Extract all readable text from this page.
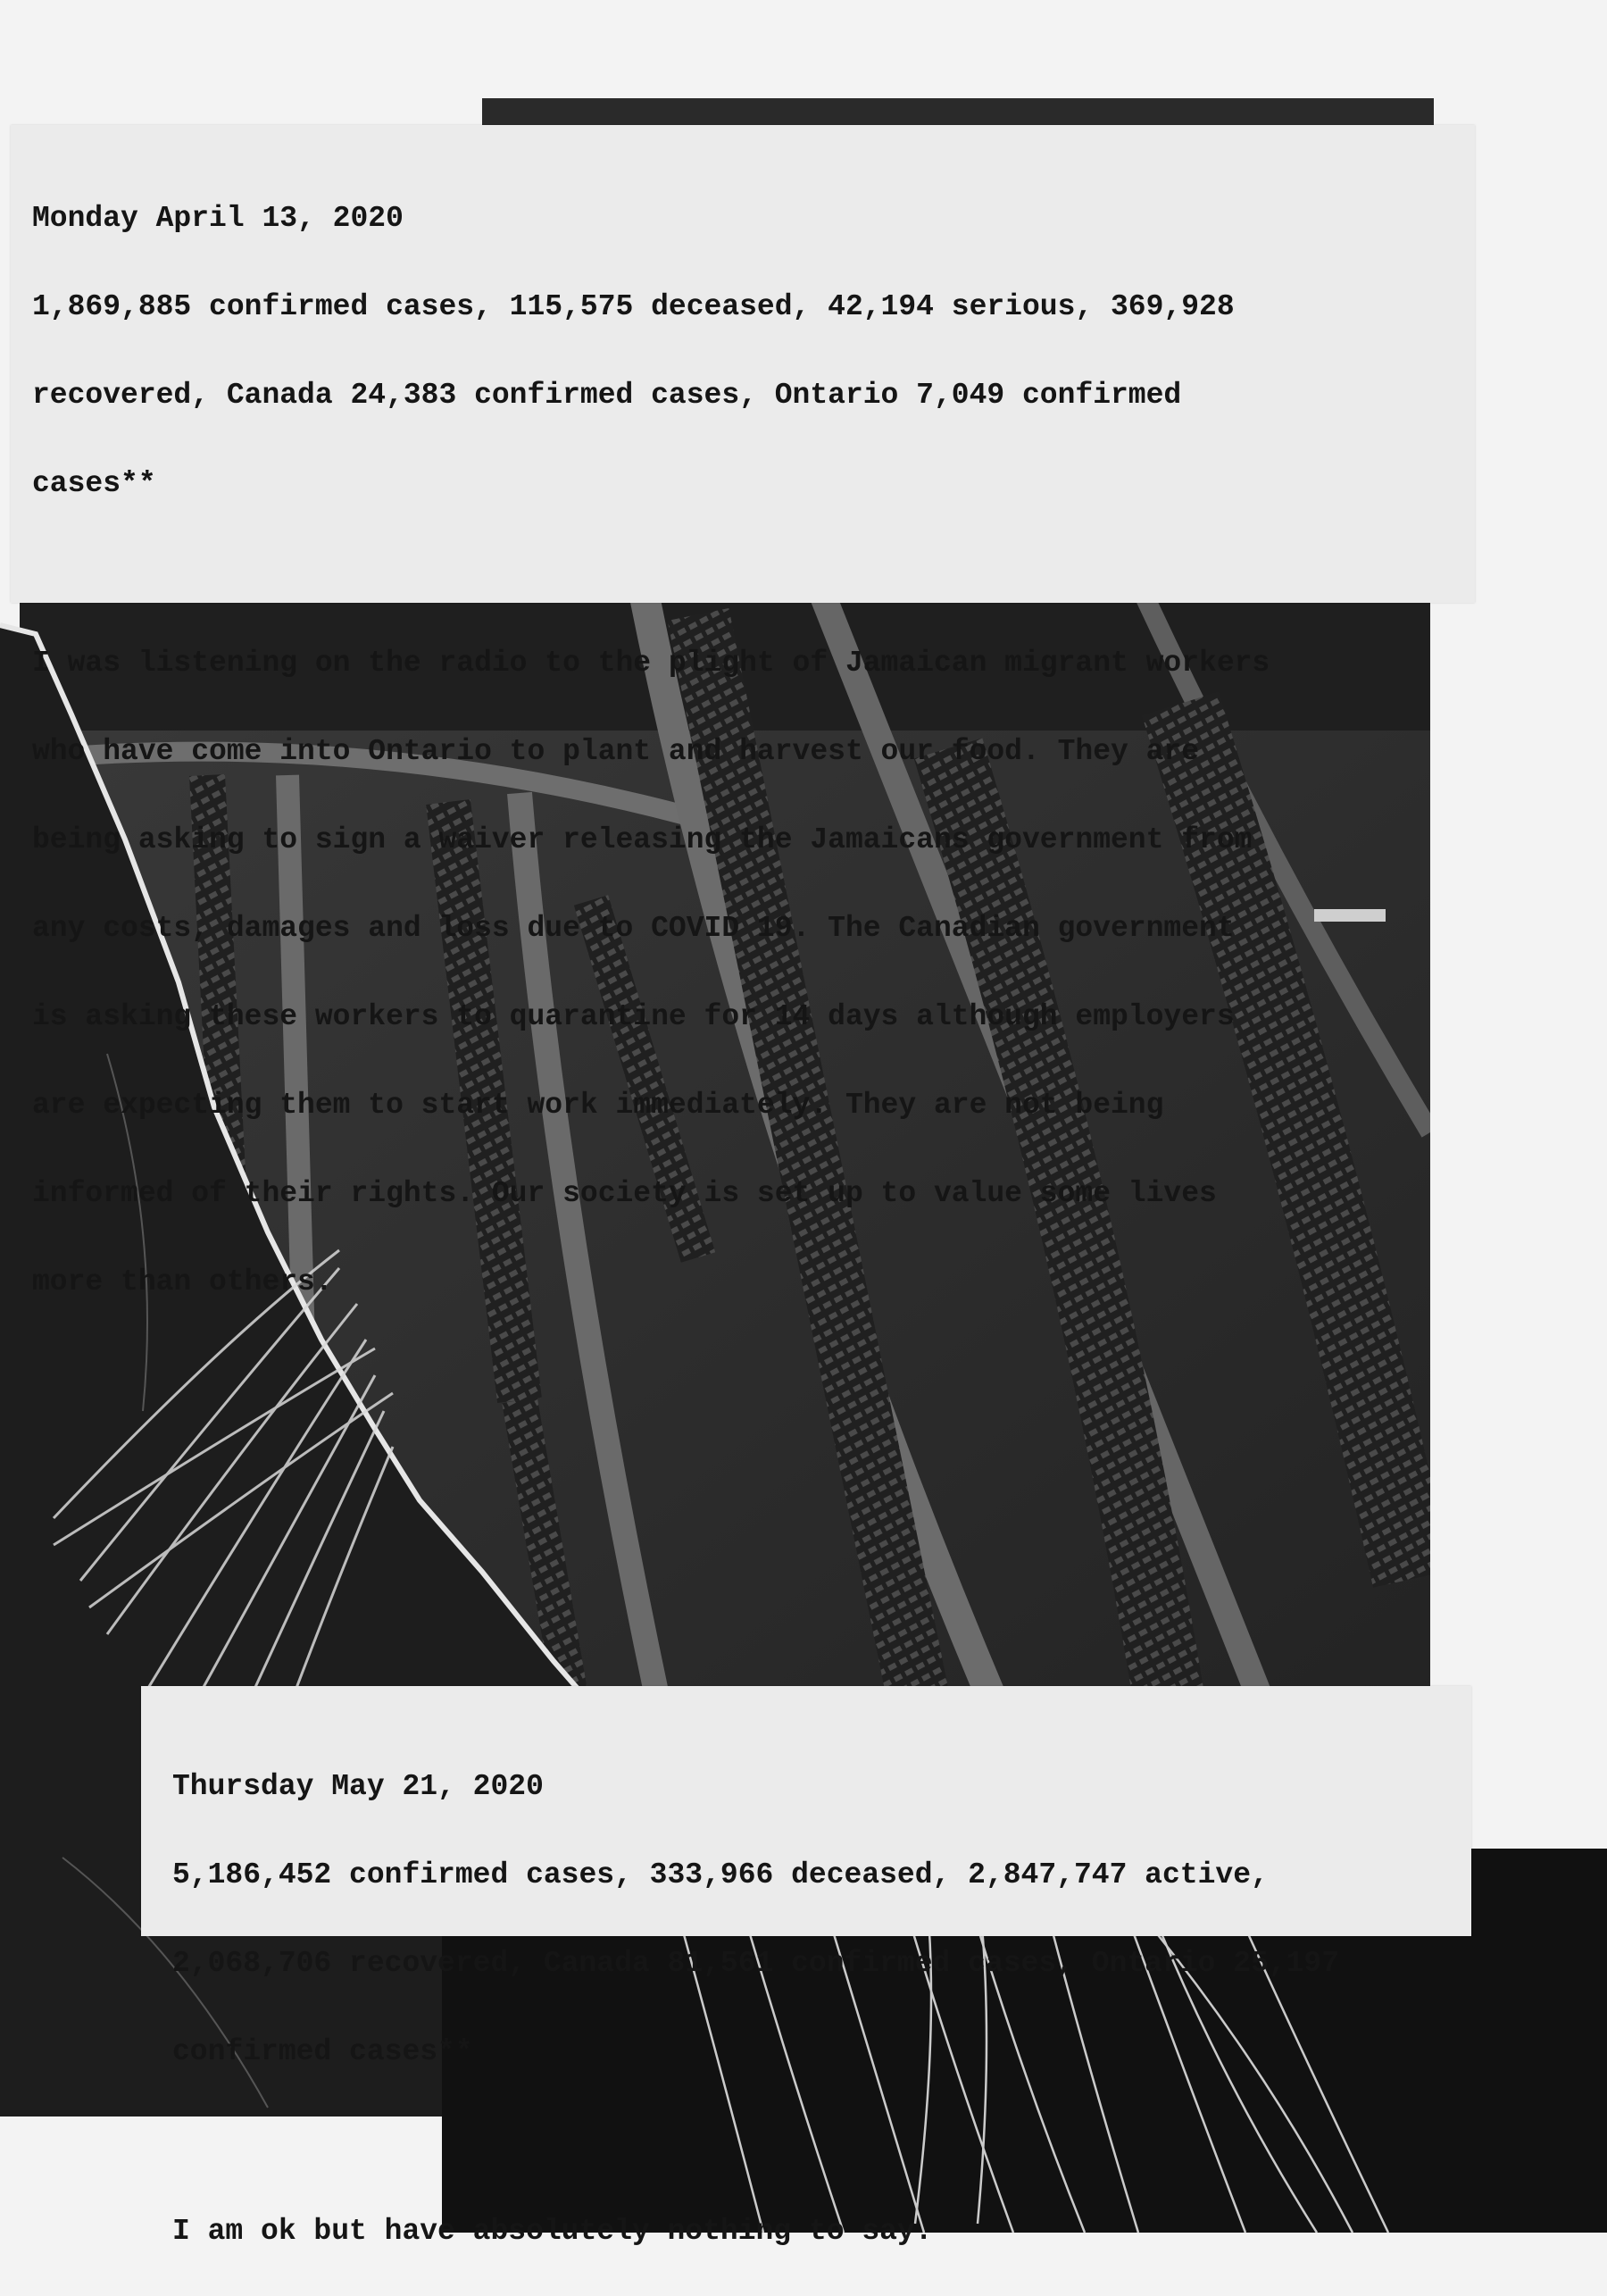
Monday April 13, 2020

1,869,885 confirmed cases, 115,575 deceased, 42,194 serious, 369,928

recovered, Canada 24,383 confirmed cases, Ontario 7,049 confirmed

cases**

I was listening on the radio to the plight of Jamaican migrant workers

who have come into Ontario to plant and harvest our food. They are

being asking to sign a waiver releasing the Jamaicans government from

any costs, damages and loss due to COVID 19. The Canadian government

is asking these workers to quarantine for 14 days although employers

are expecting them to start work immediately. They are not being

informed of their rights. Our society is set up to value some lives

more than others.

Thursday May 21, 2020

5,186,452 confirmed cases, 333,966 deceased, 2,847,747 active,

2,068,706 recovered, Canada 81,561 confirmed cases, Ontario 25,197

confirmed cases**

I am ok but have absolutely nothing to say.
